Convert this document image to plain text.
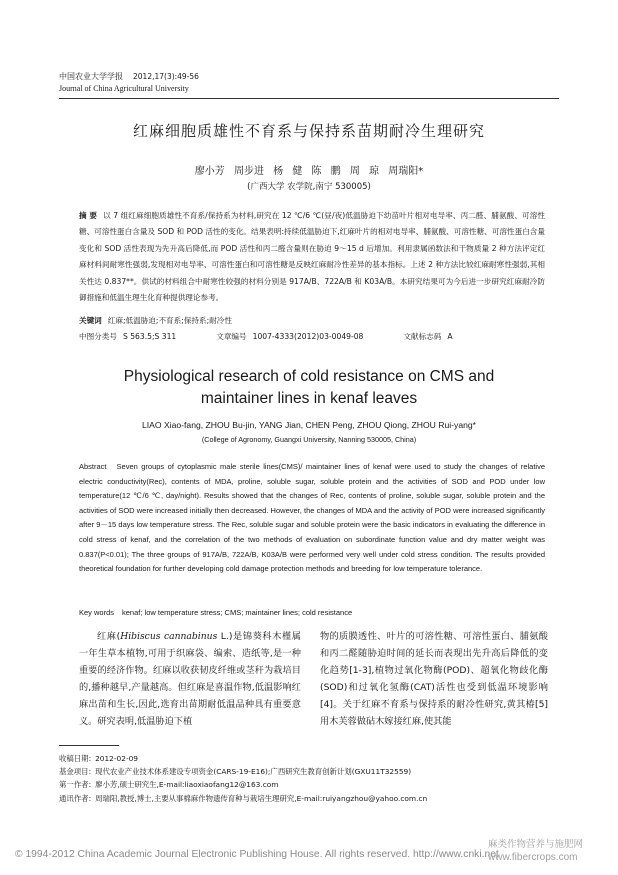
中国农业大学学报 2012,17(3):49-56
Journal of China Agricultural University
红麻细胞质雄性不育系与保持系苗期耐冷生理研究
廖小芳 周步进 杨 健 陈 鹏 周 琼 周瑞阳*
(广西大学 农学院,南宁 530005)
摘 要 以 7 组红麻细胞质雄性不育系/保持系为材料,研究在 12 ℃/6 ℃(昼/夜)低温胁迫下幼苗叶片相对电导率、丙二醛、脯氨酸、可溶性糖、可溶性蛋白含量及 SOD 和 POD 活性的变化。结果表明:持续低温胁迫下,红麻叶片的相对电导率、脯氨酸、可溶性糖、可溶性蛋白含量变化和 SOD 活性表现为先升高后降低,而 POD 活性和丙二醛含量则在胁迫 9～15 d 后增加。利用隶属函数法和干物质量 2 种方法评定红麻材料间耐寒性强弱,发现相对电导率、可溶性蛋白和可溶性糖是反映红麻耐冷性差异的基本指标。上述 2 种方法比较红麻耐寒性强弱,其相关性达 0.837**。供试的材料组合中耐寒性较强的材料分别是 917A/B、722A/B 和 K03A/B。本研究结果可为今后进一步研究红麻耐冷防御措施和低温生理生化育种提供理论参考。
关键词 红麻;低温胁迫;不育系;保持系;耐冷性
中图分类号 S 563.5;S 311	文章编号 1007-4333(2012)03-0049-08	文献标志码 A
Physiological research of cold resistance on CMS and
maintainer lines in kenaf leaves
LIAO Xiao-fang, ZHOU Bu-jin, YANG Jian, CHEN Peng, ZHOU Qiong, ZHOU Rui-yang*
(College of Agronomy, Guangxi University, Nanning 530005, China)
Abstract Seven groups of cytoplasmic male sterile lines(CMS)/ maintainer lines of kenaf were used to study the changes of relative electric conductivity(Rec), contents of MDA, proline, soluble sugar, soluble protein and the activities of SOD and POD under low temperature(12 ℃/6 ℃, day/night). Results showed that the changes of Rec, contents of proline, soluble sugar, soluble protein and the activities of SOD were increased initially then decreased. However, the changes of MDA and the activity of POD were increased significantly after 9－15 days low temperature stress. The Rec, soluble sugar and soluble protein were the basic indicators in evaluating the difference in cold stress of kenaf, and the correlation of the two methods of evaluation on subordinate function value and dry matter weight was 0.837(P<0.01); The three groups of 917A/B, 722A/B, K03A/B were performed very well under cold stress condition. The results provided theoretical foundation for further developing cold damage protection methods and breeding for low temperature tolerance.
Key words kenaf; low temperature stress; CMS; maintainer lines; cold resistance
红麻(Hibiscus cannabinus L.)是锦葵科木槿属一年生草本植物,可用于织麻袋、编索、造纸等,是一种重要的经济作物。红麻以收获韧皮纤维或茎秆为栽培目的,播种越早,产量越高。但红麻是喜温作物,低温影响红麻出苗和生长,因此,选育出苗期耐低温品种具有重要意义。研究表明,低温胁迫下植
物的质膜透性、叶片的可溶性糖、可溶性蛋白、脯氨酸和丙二醛随胁迫时间的延长而表现出先升高后降低的变化趋势[1-3],植物过氧化物酶(POD)、超氧化物歧化酶(SOD)和过氧化氢酶(CAT)活性也受到低温环境影响[4]。关于红麻不育系与保持系的耐冷性研究,黄其椿[5]用木芙蓉做砧木嫁接红麻,使其能
收稿日期: 2012-02-09
基金项目: 现代农业产业技术体系建设专项资金(CARS-19-E16);广西研究生教育创新计划(GXU11T32559)
第一作者: 廖小芳,硕士研究生,E-mail:liaoxiaofang12@163.com
通讯作者: 周瑞阳,教授,博士,主要从事棉麻作物遗传育种与栽培生理研究,E-mail:ruiyangzhou@yahoo.com.cn
© 1994-2012 China Academic Journal Electronic Publishing House. All rights reserved. http://www.cnki.net
麻类作物营养与施肥网
www.fibercrops.com
